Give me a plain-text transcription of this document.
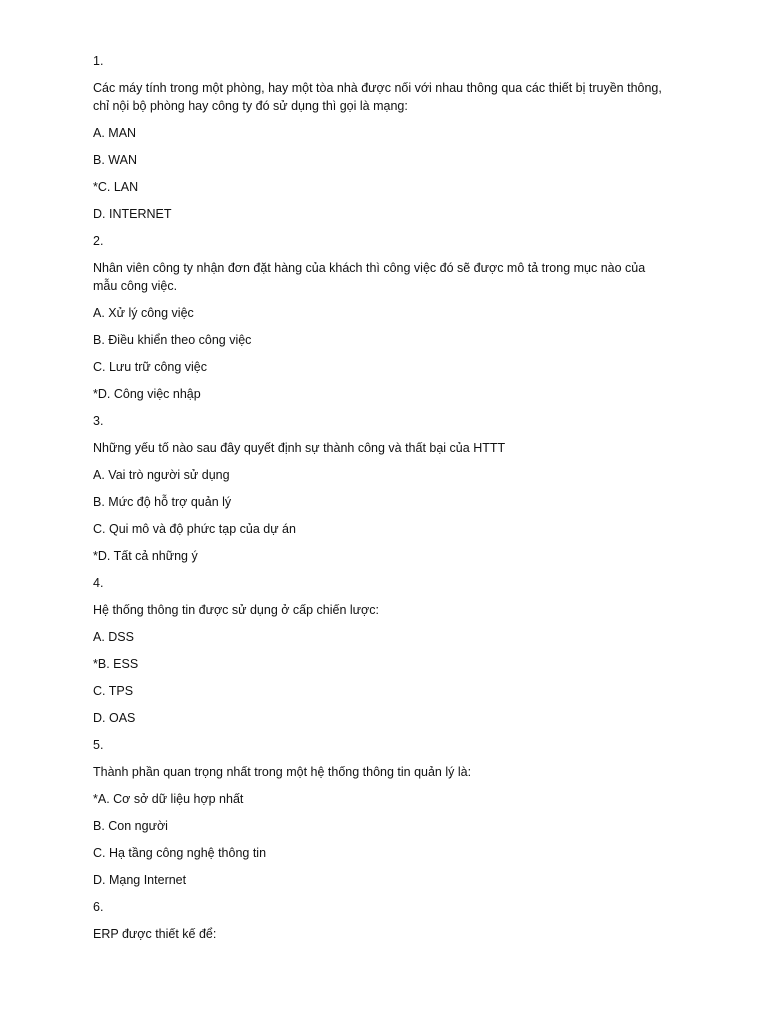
1.

Các máy tính trong một phòng, hay một tòa nhà được nối với nhau thông qua các thiết bị truyền thông, chỉ nội bộ phòng hay công ty đó sử dụng thì gọi là mạng:

A. MAN

B. WAN

*C. LAN

D. INTERNET

2.

Nhân viên công ty nhận đơn đặt hàng của khách thì công việc đó sẽ được mô tả trong mục nào của mẫu công việc.

A. Xử lý công việc

B. Điều khiển theo công việc

C. Lưu trữ công việc

*D. Công việc nhập

3.

Những yếu tố nào sau đây quyết định sự thành công và thất bại của HTTT

A. Vai trò người sử dụng

B. Mức độ hỗ trợ quản lý

C. Qui mô và độ phức tạp của dự án

*D. Tất cả những ý

4.

Hệ thống thông tin được sử dụng ở cấp chiến lược:

A. DSS

*B. ESS

C. TPS

D. OAS

5.

Thành phần quan trọng nhất trong một hệ thống thông tin quản lý là:

*A. Cơ sở dữ liệu hợp nhất

B. Con người

C. Hạ tầng công nghệ thông tin

D. Mạng Internet

6.

ERP được thiết kế để:
